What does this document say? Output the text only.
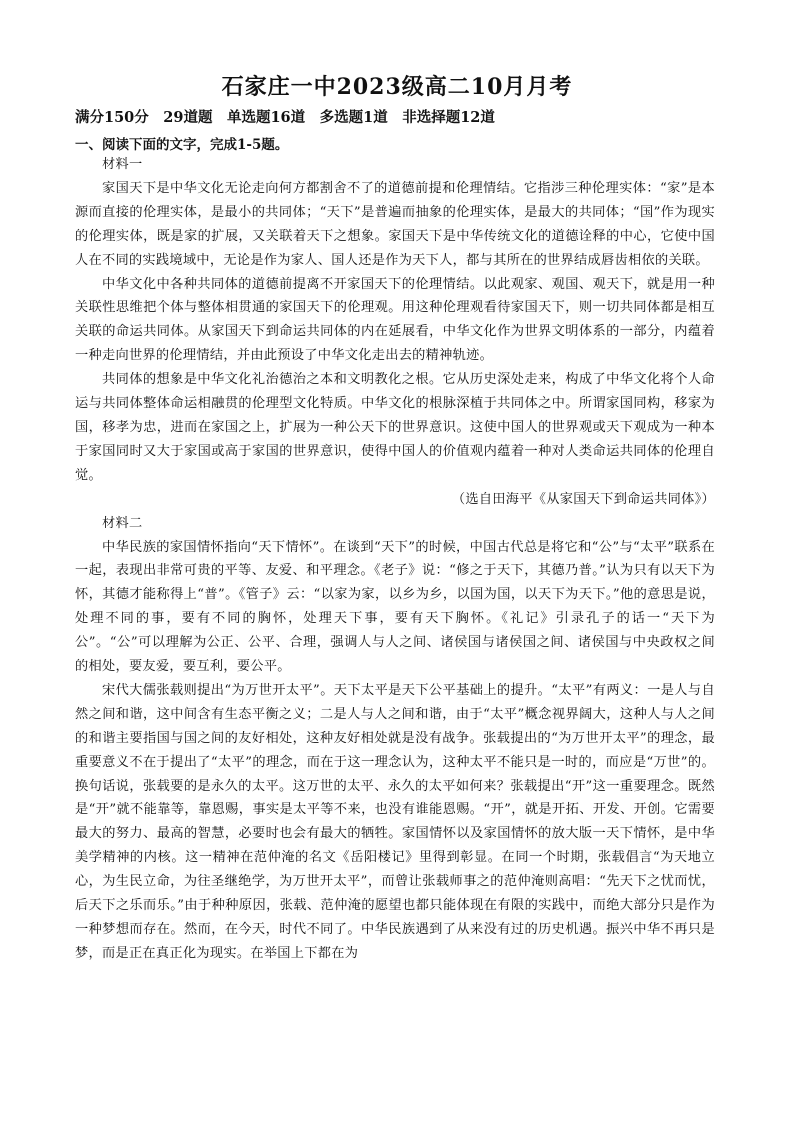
石家庄一中2023级高二10月月考
满分150分　29道题　单选题16道　多选题1道　非选择题12道
一、阅读下面的文字，完成1-5题。

材料一

家国天下是中华文化无论走向何方都割舍不了的道德前提和伦理情结。它指涉三种伦理实体：“家”是本源而直接的伦理实体，是最小的共同体；“天下”是普遍而抽象的伦理实体，是最大的共同体；“国”作为现实的伦理实体，既是家的扩展，又关联着天下之想象。家国天下是中华传统文化的道德诠释的中心，它使中国人在不同的实践境域中，无论是作为家人、国人还是作为天下人，都与其所在的世界结成唇齿相依的关联。

中华文化中各种共同体的道德前提离不开家国天下的伦理情结。以此观家、观国、观天下，就是用一种关联性思维把个体与整体相贯通的家国天下的伦理观。用这种伦理观看待家国天下，则一切共同体都是相互关联的命运共同体。从家国天下到命运共同体的内在延展看，中华文化作为世界文明体系的一部分，内蕴着一种走向世界的伦理情结，并由此预设了中华文化走出去的精神轨迹。

共同体的想象是中华文化礼治德治之本和文明教化之根。它从历史深处走来，构成了中华文化将个人命运与共同体整体命运相融贯的伦理型文化特质。中华文化的根脉深植于共同体之中。所谓家国同构，移家为国，移孝为忠，进而在家国之上，扩展为一种公天下的世界意识。这使中国人的世界观或天下观成为一种本于家国同时又大于家国或高于家国的世界意识，使得中国人的价值观内蕴着一种对人类命运共同体的伦理自觉。

（选自田海平《从家国天下到命运共同体》）

材料二

中华民族的家国情怀指向“天下情怀”。在谈到“天下”的时候，中国古代总是将它和“公”与“太平”联系在一起，表现出非常可贵的平等、友爱、和平理念。《老子》说：“修之于天下，其德乃普。”认为只有以天下为怀，其德才能称得上“普”。《管子》云：“以家为家，以乡为乡，以国为国，以天下为天下。”他的意思是说，处理不同的事，要有不同的胸怀，处理天下事，要有天下胸怀。《礼记》引录孔子的话一“天下为公”。“公”可以理解为公正、公平、合理，强调人与人之间、诸侯国与诸侯国之间、诸侯国与中央政权之间的相处，要友爱，要互利，要公平。

宋代大儒张载则提出“为万世开太平”。天下太平是天下公平基础上的提升。“太平”有两义：一是人与自然之间和谐，这中间含有生态平衡之义；二是人与人之间和谐，由于“太平”概念视界阔大，这种人与人之间的和谐主要指国与国之间的友好相处，这种友好相处就是没有战争。张载提出的“为万世开太平”的理念，最重要意义不在于提出了“太平”的理念，而在于这一理念认为，这种太平不能只是一时的，而应是“万世”的。换句话说，张载要的是永久的太平。这万世的太平、永久的太平如何来？张载提出“开”这一重要理念。既然是“开”就不能靠等，靠恩赐，事实是太平等不来，也没有谁能恩赐。“开”，就是开拓、开发、开创。它需要最大的努力、最高的智慧，必要时也会有最大的牺牲。家国情怀以及家国情怀的放大版一天下情怀，是中华美学精神的内核。这一精神在范仲淹的名文《岳阳楼记》里得到彰显。在同一个时期，张载倡言“为天地立心，为生民立命，为往圣继绝学，为万世开太平”，而曾让张载师事之的范仲淹则高唱：“先天下之忧而忧，后天下之乐而乐。”由于种种原因，张载、范仲淹的愿望也都只能体现在有限的实践中，而绝大部分只是作为一种梦想而存在。然而，在今天，时代不同了。中华民族遇到了从来没有过的历史机遇。振兴中华不再只是梦，而是正在真正化为现实。在举国上下都在为
